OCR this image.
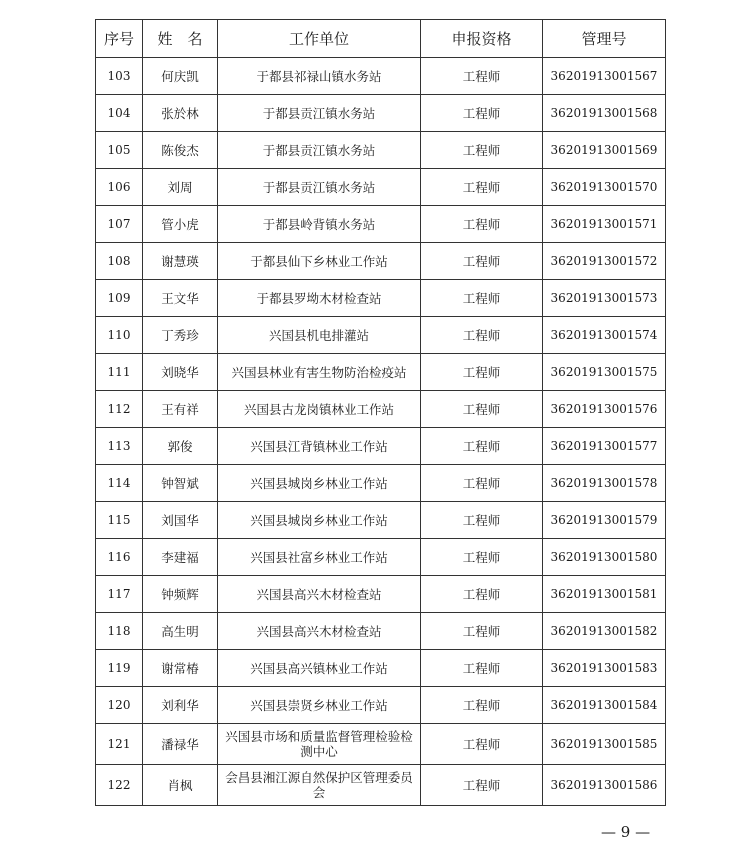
序号	姓　名	工作单位	申报资格	管理号
103	何庆凯	于都县祁禄山镇水务站	工程师	36201913001567
104	张於林	于都县贡江镇水务站	工程师	36201913001568
105	陈俊杰	于都县贡江镇水务站	工程师	36201913001569
106	刘周	于都县贡江镇水务站	工程师	36201913001570
107	管小虎	于都县岭背镇水务站	工程师	36201913001571
108	谢慧瑛	于都县仙下乡林业工作站	工程师	36201913001572
109	王文华	于都县罗坳木材检查站	工程师	36201913001573
110	丁秀珍	兴国县机电排灌站	工程师	36201913001574
111	刘晓华	兴国县林业有害生物防治检疫站	工程师	36201913001575
112	王有祥	兴国县古龙岗镇林业工作站	工程师	36201913001576
113	郭俊	兴国县江背镇林业工作站	工程师	36201913001577
114	钟智斌	兴国县城岗乡林业工作站	工程师	36201913001578
115	刘国华	兴国县城岗乡林业工作站	工程师	36201913001579
116	李建福	兴国县社富乡林业工作站	工程师	36201913001580
117	钟频辉	兴国县高兴木材检查站	工程师	36201913001581
118	高生明	兴国县高兴木材检查站	工程师	36201913001582
119	谢常椿	兴国县高兴镇林业工作站	工程师	36201913001583
120	刘利华	兴国县崇贤乡林业工作站	工程师	36201913001584
121	潘禄华	兴国县市场和质量监督管理检验检测中心	工程师	36201913001585
122	肖枫	会昌县湘江源自然保护区管理委员会	工程师	36201913001586
— 9 —
